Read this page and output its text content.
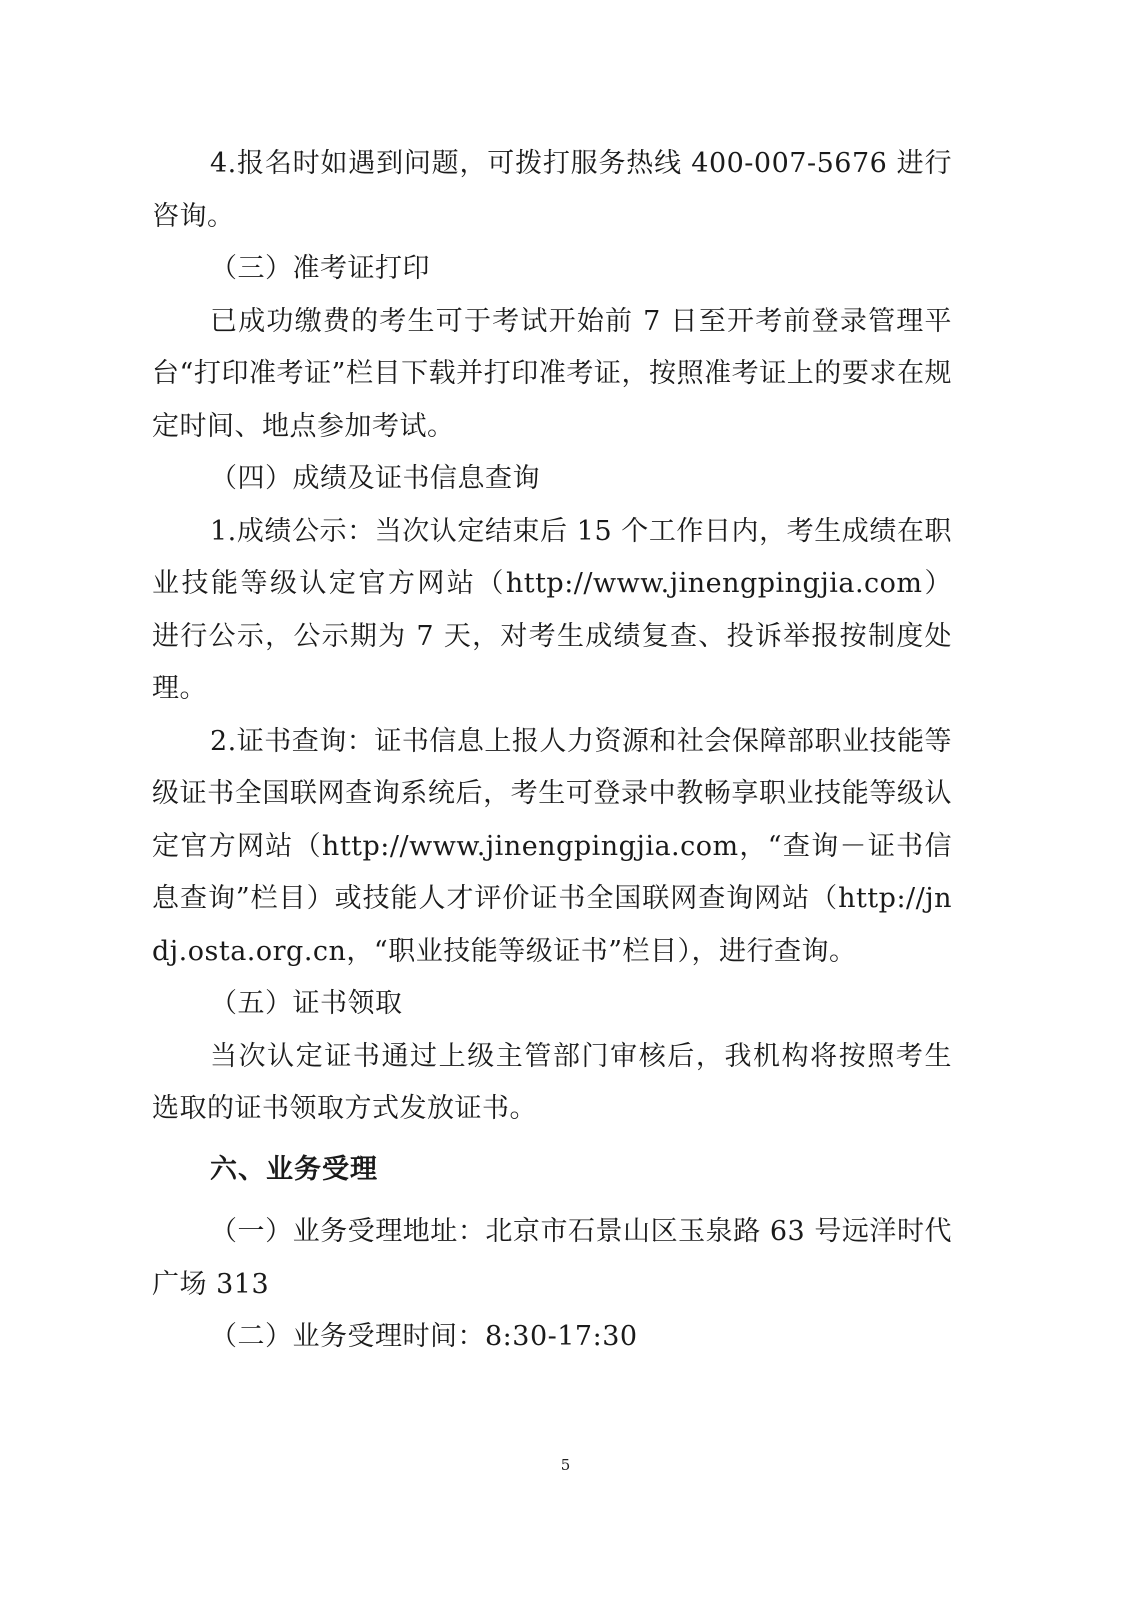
4.报名时如遇到问题，可拨打服务热线 400-007-5676 进行咨询。

（三）准考证打印

已成功缴费的考生可于考试开始前 7 日至开考前登录管理平台“打印准考证”栏目下载并打印准考证，按照准考证上的要求在规定时间、地点参加考试。

（四）成绩及证书信息查询

1.成绩公示：当次认定结束后 15 个工作日内，考生成绩在职业技能等级认定官方网站（http://www.jinengpingjia.com）进行公示，公示期为 7 天，对考生成绩复查、投诉举报按制度处理。

2.证书查询：证书信息上报人力资源和社会保障部职业技能等级证书全国联网查询系统后，考生可登录中教畅享职业技能等级认定官方网站（http://www.jinengpingjia.com，“查询－证书信息查询”栏目）或技能人才评价证书全国联网查询网站（http://jndj.osta.org.cn，“职业技能等级证书”栏目），进行查询。

（五）证书领取

当次认定证书通过上级主管部门审核后，我机构将按照考生选取的证书领取方式发放证书。

六、业务受理

（一）业务受理地址：北京市石景山区玉泉路 63 号远洋时代广场 313

（二）业务受理时间：8:30-17:30

5
